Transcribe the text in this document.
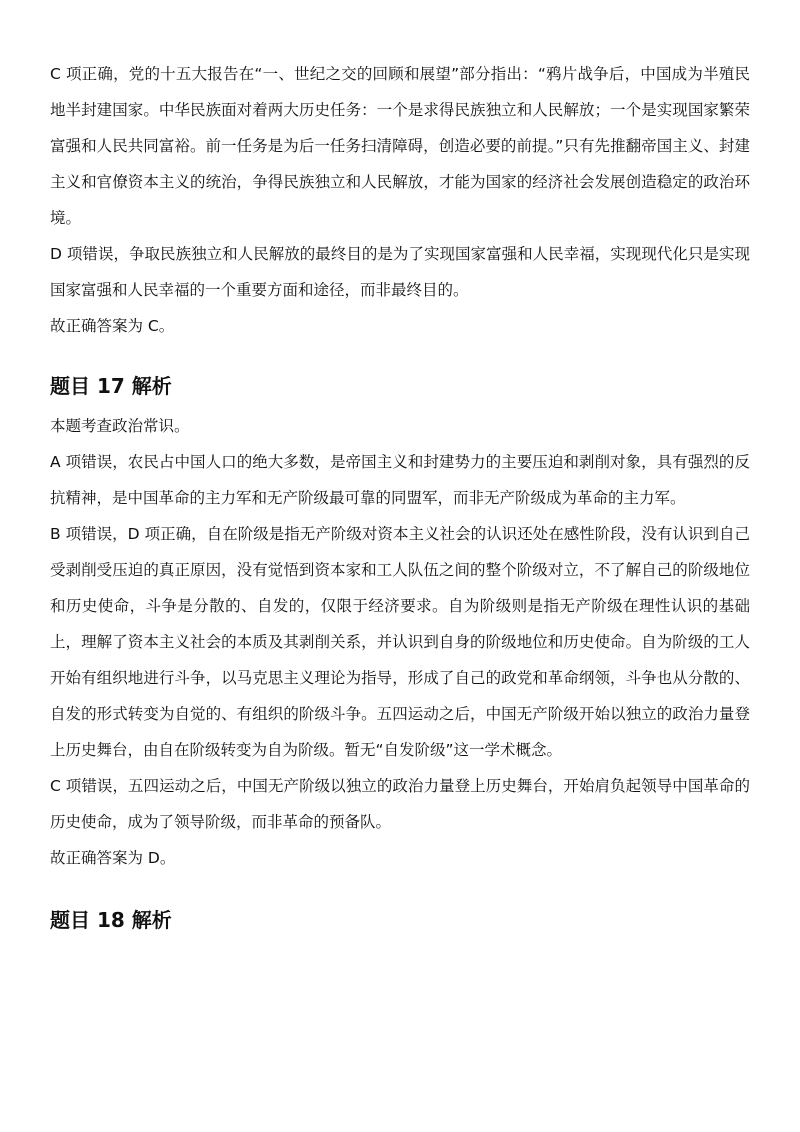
C 项正确，党的十五大报告在“一、世纪之交的回顾和展望”部分指出：“鸦片战争后，中国成为半殖民地半封建国家。中华民族面对着两大历史任务：一个是求得民族独立和人民解放；一个是实现国家繁荣富强和人民共同富裕。前一任务是为后一任务扫清障碍，创造必要的前提。”只有先推翻帝国主义、封建主义和官僚资本主义的统治，争得民族独立和人民解放，才能为国家的经济社会发展创造稳定的政治环境。

D 项错误，争取民族独立和人民解放的最终目的是为了实现国家富强和人民幸福，实现现代化只是实现国家富强和人民幸福的一个重要方面和途径，而非最终目的。

故正确答案为 C。

题目 17 解析

本题考查政治常识。

A 项错误，农民占中国人口的绝大多数，是帝国主义和封建势力的主要压迫和剥削对象，具有强烈的反抗精神，是中国革命的主力军和无产阶级最可靠的同盟军，而非无产阶级成为革命的主力军。

B 项错误，D 项正确，自在阶级是指无产阶级对资本主义社会的认识还处在感性阶段，没有认识到自己受剥削受压迫的真正原因，没有觉悟到资本家和工人队伍之间的整个阶级对立，不了解自己的阶级地位和历史使命，斗争是分散的、自发的，仅限于经济要求。自为阶级则是指无产阶级在理性认识的基础上，理解了资本主义社会的本质及其剥削关系，并认识到自身的阶级地位和历史使命。自为阶级的工人开始有组织地进行斗争，以马克思主义理论为指导，形成了自己的政党和革命纲领，斗争也从分散的、自发的形式转变为自觉的、有组织的阶级斗争。五四运动之后，中国无产阶级开始以独立的政治力量登上历史舞台，由自在阶级转变为自为阶级。暂无“自发阶级”这一学术概念。

C 项错误，五四运动之后，中国无产阶级以独立的政治力量登上历史舞台，开始肩负起领导中国革命的历史使命，成为了领导阶级，而非革命的预备队。

故正确答案为 D。

题目 18 解析
